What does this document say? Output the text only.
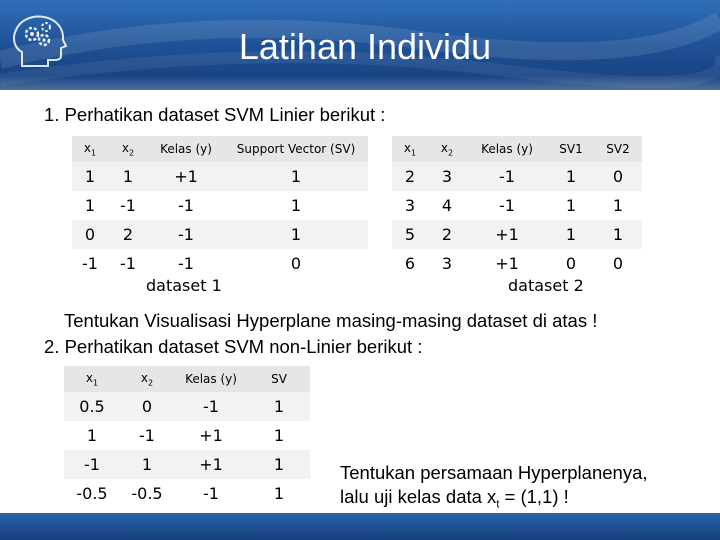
Latihan Individu
1. Perhatikan dataset SVM Linier berikut :
$x_1$	$x_2$	Kelas (y)	Support Vector (SV)
1	1	+1	1
1	-1	-1	1
0	2	-1	1
-1	-1	-1	0
dataset 1
$x_1$	$x_2$	Kelas (y)	SV1	SV2
2	3	-1	1	0
3	4	-1	1	1
5	2	+1	1	1
6	3	+1	0	0
dataset 2
Tentukan Visualisasi Hyperplane masing-masing dataset di atas !
2. Perhatikan dataset SVM non-Linier berikut :
$x_1$	$x_2$	Kelas (y)	SV
0.5	0	-1	1
1	-1	+1	1
-1	1	+1	1
-0.5	-0.5	-1	1
Tentukan persamaan Hyperplanenya,
lalu uji kelas data $x_t = (1,1)$ !
